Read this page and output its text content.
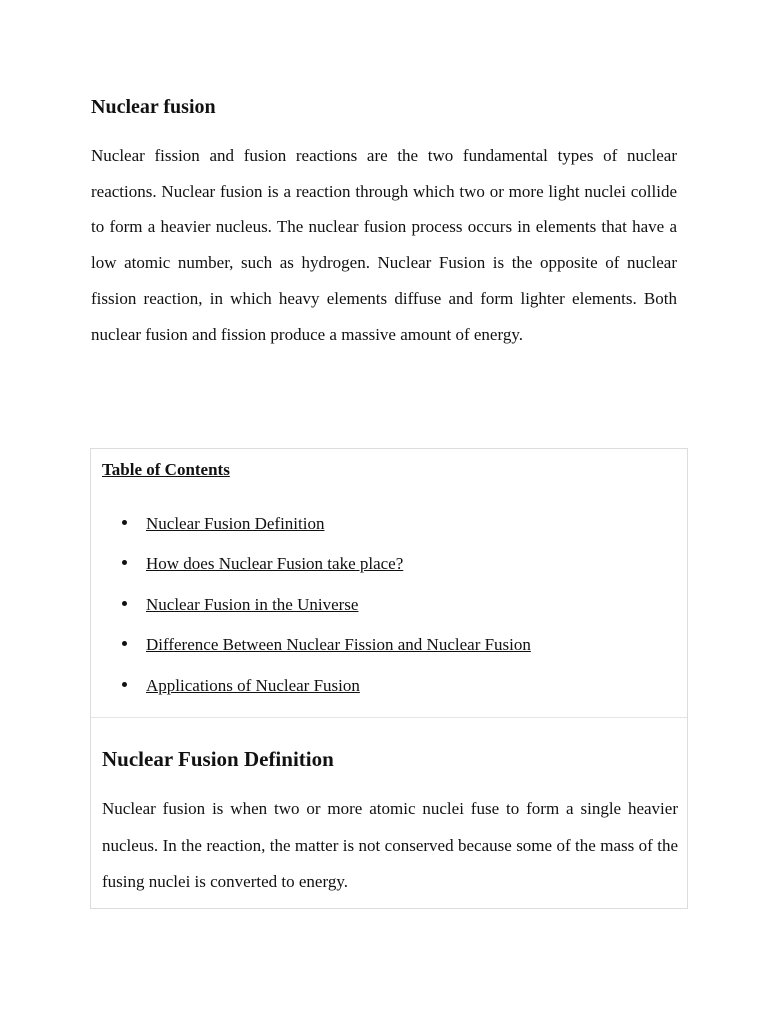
Nuclear fusion

Nuclear fission and fusion reactions are the two fundamental types of nuclear reactions. Nuclear fusion is a reaction through which two or more light nuclei collide to form a heavier nucleus. The nuclear fusion process occurs in elements that have a low atomic number, such as hydrogen. Nuclear Fusion is the opposite of nuclear fission reaction, in which heavy elements diffuse and form lighter elements. Both nuclear fusion and fission produce a massive amount of energy.

Table of Contents
Nuclear Fusion Definition
How does Nuclear Fusion take place?
Nuclear Fusion in the Universe
Difference Between Nuclear Fission and Nuclear Fusion
Applications of Nuclear Fusion
Nuclear Fusion Definition

Nuclear fusion is when two or more atomic nuclei fuse to form a single heavier nucleus. In the reaction, the matter is not conserved because some of the mass of the fusing nuclei is converted to energy.
